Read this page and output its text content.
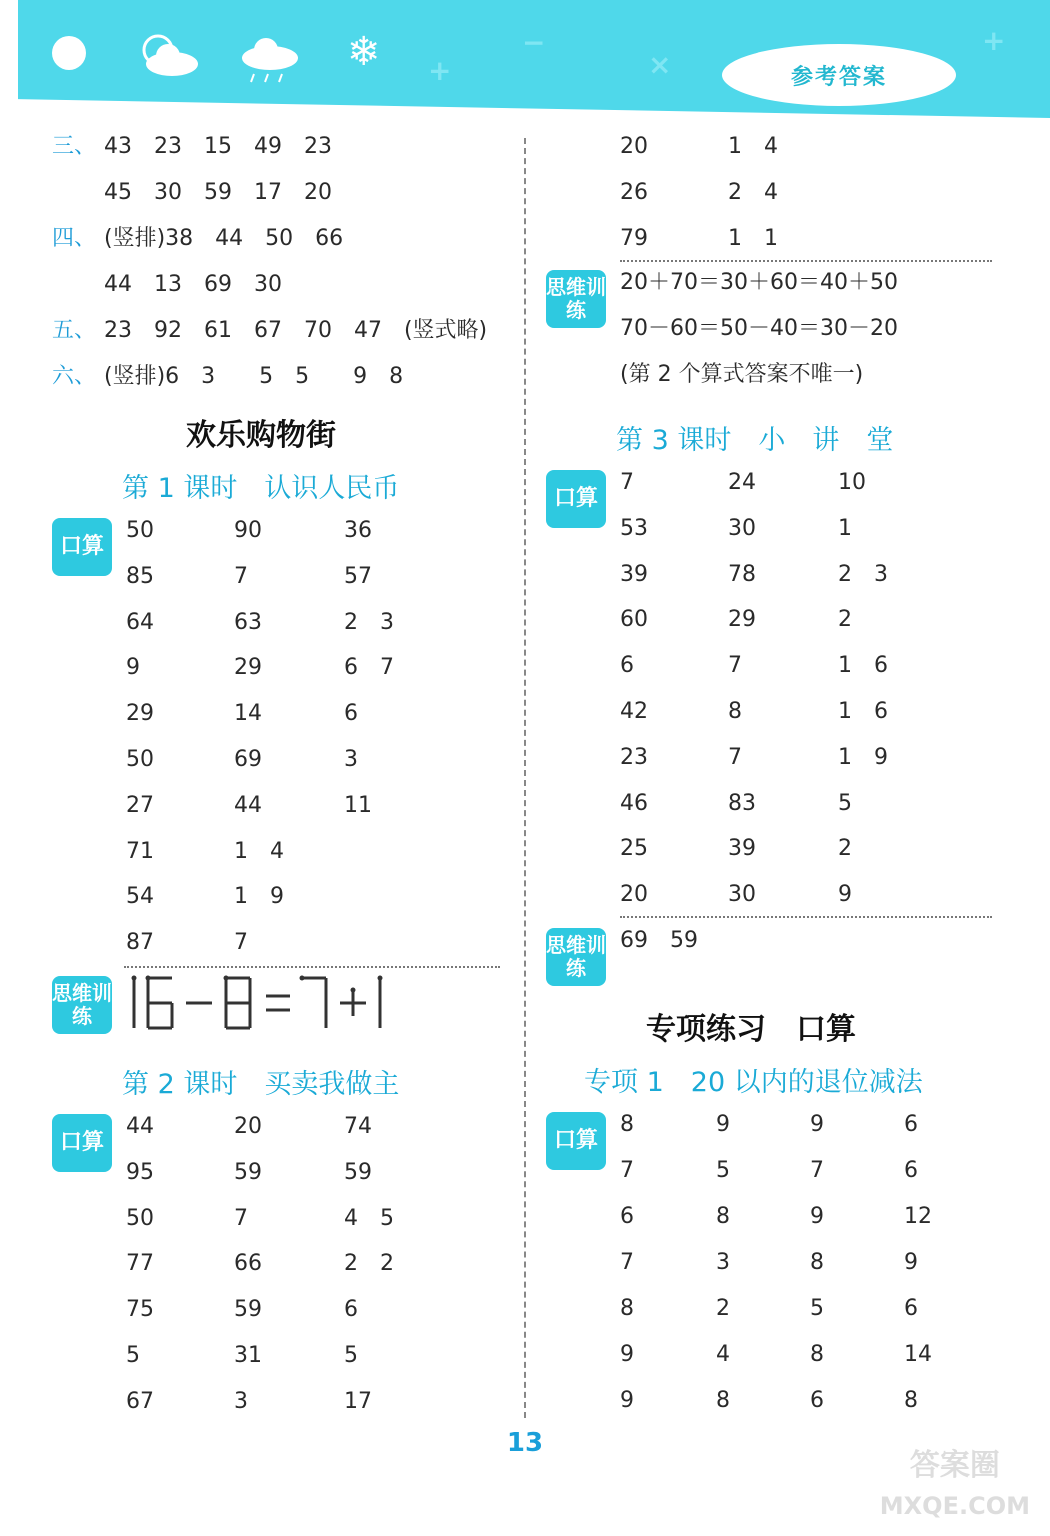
❄	−
+	×
+
参考答案
三、 43　23　15　49　23
45　30　59　17　20
四、 (竖排)38　44　50　66
44　13　69　30
五、 23　92　61　67　70　47　(竖式略)
六、 (竖排)6　3　　5　5　　9　8
欢乐购物街
第 1 课时　认识人民币
口算
思维训练
16−8=7+1
第 2 课时　买卖我做主
口算
思维训练
20＋70＝30＋60＝40＋50
70－60＝50－40＝30－20
(第 2 个算式答案不唯一)
第 3 课时　小　讲　堂
口算
思维训练
69　59
专项练习　口算
专项 1　20 以内的退位减法
口算
13
答案圈
MXQE.COM
50	90	36
85	7	57
64	63	2　3
9	29	6　7
29	14	6
50	69	3
27	44	11
71	1　4
54	1　9
87	7
44	20	74
95	59	59
50	7	4　5
77	66	2　2
75	59	6
5	31	5
67	3	17
20	1　4
26	2　4
79	1　1
7	24	10
53	30	1
39	78	2　3
60	29	2
6	7	1　6
42	8	1　6
23	7	1　9
46	83	5
25	39	2
20	30	9
8	9	9	6
7	5	7	6
6	8	9	12
7	3	8	9
8	2	5	6
9	4	8	14
9	8	6	8
